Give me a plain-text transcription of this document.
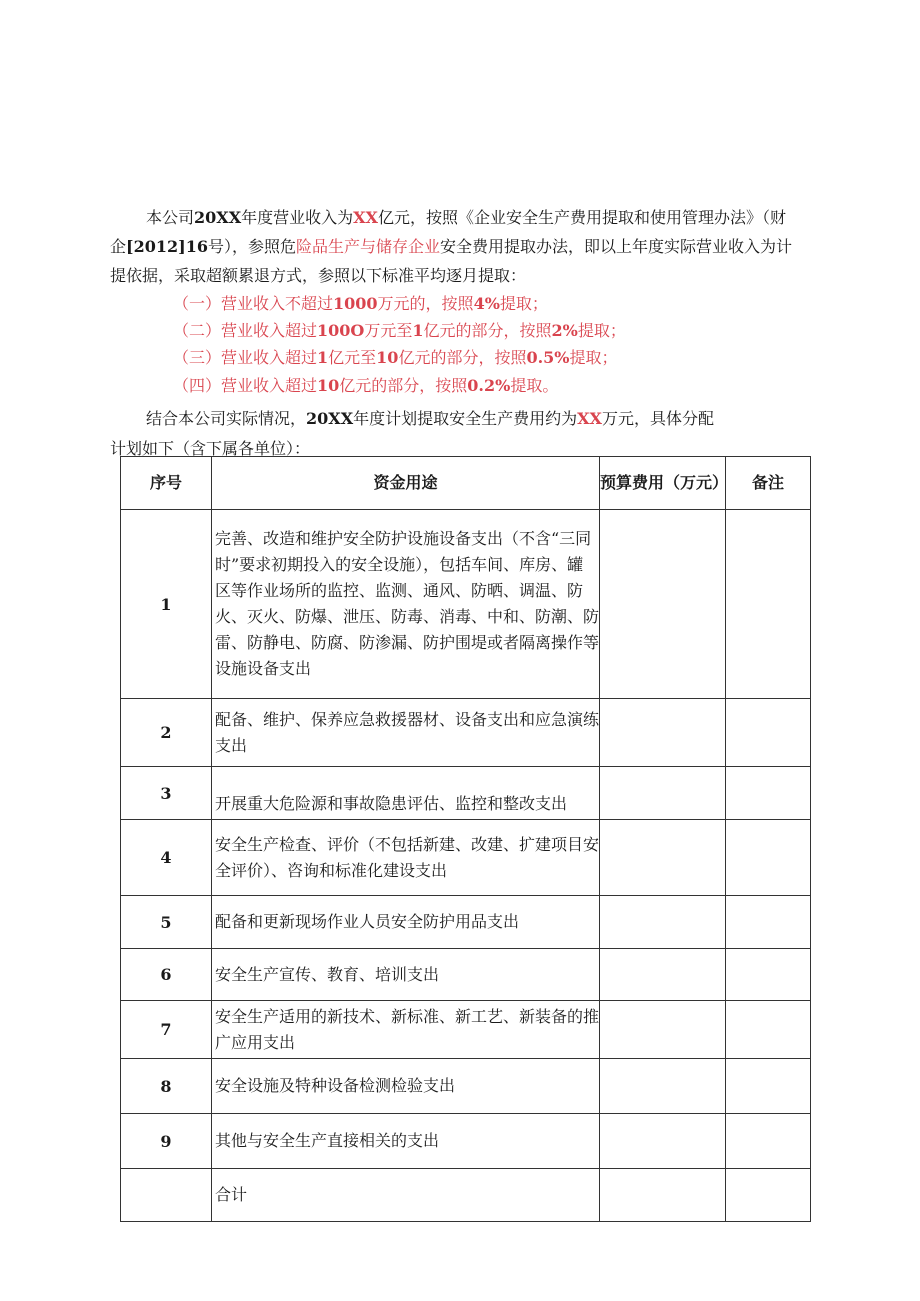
本公司20XX年度营业收入为XX亿元，按照《企业安全生产费用提取和使用管理办法》（财
企[2012]16号），参照危险品生产与储存企业安全费用提取办法，即以上年度实际营业收入为计
提依据，采取超额累退方式，参照以下标准平均逐月提取：
（一）营业收入不超过1000万元的，按照4%提取；
（二）营业收入超过100O万元至1亿元的部分，按照2%提取；
（三）营业收入超过1亿元至10亿元的部分，按照0.5%提取；
（四）营业收入超过10亿元的部分，按照0.2%提取。
结合本公司实际情况，20XX年度计划提取安全生产费用约为XX万元，具体分配
计划如下（含下属各单位）：
序号	资金用途	预算费用（万元）	备注
1	完善、改造和维护安全防护设施设备支出（不含“三同时”要求初期投入的安全设施），包括车间、库房、罐区等作业场所的监控、监测、通风、防晒、调温、防火、灭火、防爆、泄压、防毒、消毒、中和、防潮、防雷、防静电、防腐、防渗漏、防护围堤或者隔离操作等设施设备支出		
2	配备、维护、保养应急救援器材、设备支出和应急演练支出		
3	开展重大危险源和事故隐患评估、监控和整改支出		
4	安全生产检查、评价（不包括新建、改建、扩建项目安全评价）、咨询和标准化建设支出		
5	配备和更新现场作业人员安全防护用品支出		
6	安全生产宣传、教育、培训支出		
7	安全生产适用的新技术、新标准、新工艺、新装备的推广应用支出		
8	安全设施及特种设备检测检验支出		
9	其他与安全生产直接相关的支出		
	合计		
